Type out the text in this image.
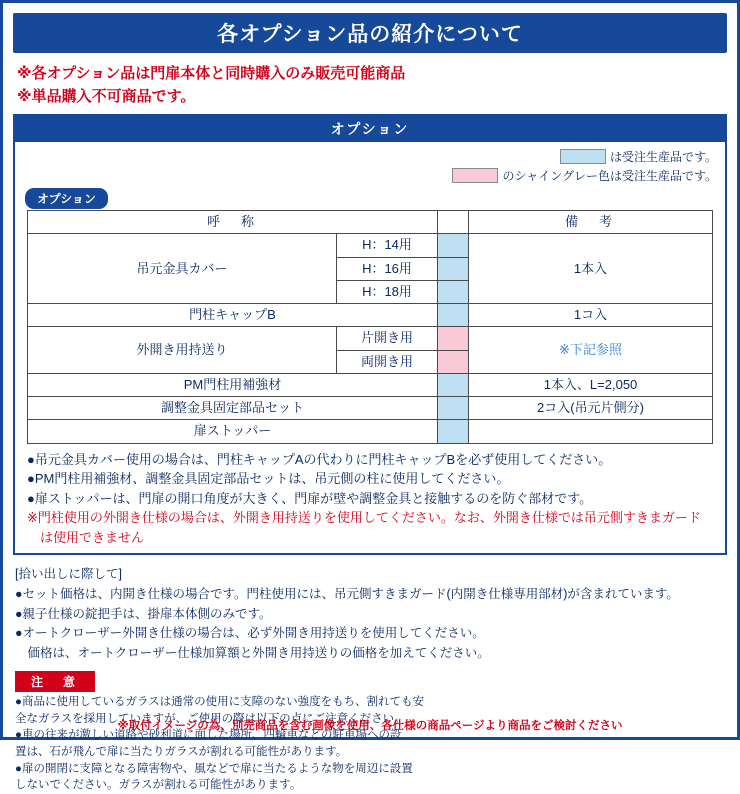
各オプション品の紹介について
※各オプション品は門扉本体と同時購入のみ販売可能商品
※単品購入不可商品です。
オプション
は受注生産品です。
のシャイングレー色は受注生産品です。
オプション
呼　称			備　考
吊元金具カバー	H：14用		1本入
	H：16用		
	H：18用		
門柱キャップB			1コ入
外開き用持送り	片開き用		※下記参照
	両開き用		
PM門柱用補強材			1本入、L=2,050
調整金具固定部品セット			2コ入(吊元片側分)
扉ストッパー			
●吊元金具カバー使用の場合は、門柱キャップAの代わりに門柱キャップBを必ず使用してください。
●PM門柱用補強材、調整金具固定部品セットは、吊元側の柱に使用してください。
●扉ストッパーは、門扉の開口角度が大きく、門扉が壁や調整金具と接触するのを防ぐ部材です。
※門柱使用の外開き仕様の場合は、外開き用持送りを使用してください。なお、外開き仕様では吊元側すきまガード
　は使用できません
[拾い出しに際して]
●セット価格は、内開き仕様の場合です。門柱使用には、吊元側すきまガード(内開き仕様専用部材)が含まれています。
●親子仕様の錠把手は、掛扉本体側のみです。
●オートクローザー外開き仕様の場合は、必ず外開き用持送りを使用してください。
　価格は、オートクローザー仕様加算額と外開き用持送りの価格を加えてください。
注　意
●商品に使用しているガラスは通常の使用に支障のない強度をもち、割れても安
全なガラスを採用していますが、ご使用の際は以下の点にご注意ください。
●車の往来が激しい道路や砂利道に面した場所、四輪車などの駐車場への設
置は、石が飛んで扉に当たりガラスが割れる可能性があります。
●扉の開閉に支障となる障害物や、風などで扉に当たるような物を周辺に設置
しないでください。ガラスが割れる可能性があります。
※取付イメージの為、別売商品を含む画像を使用、各仕様の商品ページより商品をご検討ください
